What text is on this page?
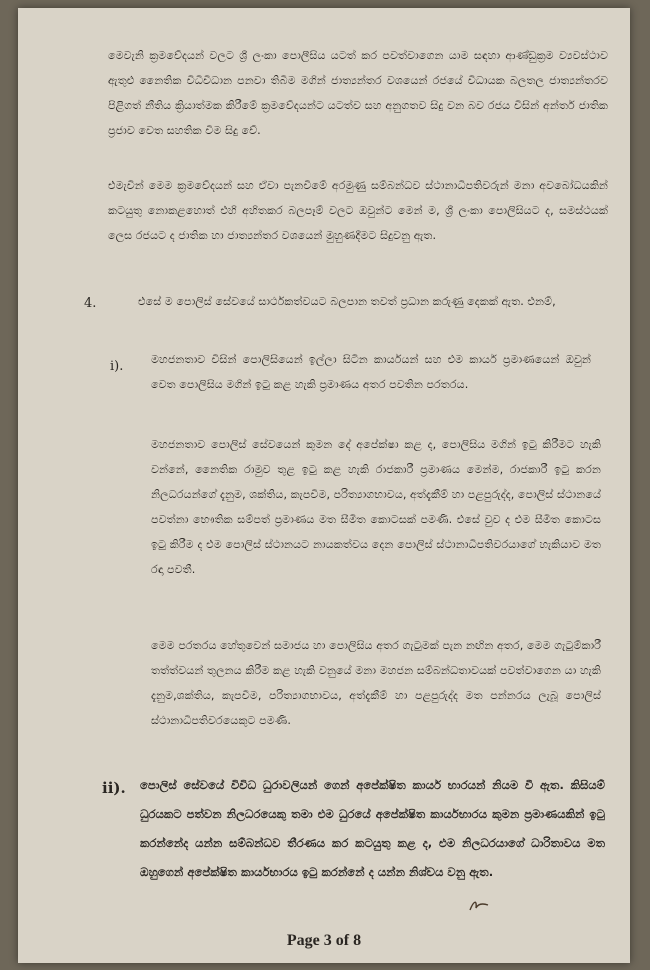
මෙවැනි ක්‍රමවේදයන් වලට ශ්‍රී ලංකා පොලීසිය යටත් කර පවත්වාගෙන යාම සඳහා ආණ්ඩුක්‍රම ව්‍යවස්ථාව ඇතුළු නෛතික විධිවිධාන පනවා තිබීම මගින් ජාත්‍යන්තර වශයෙන් රජයේ විධායක බලතල ජාත්‍යන්තරව පිළිගත් නීතිය ක්‍රියාත්මක කිරීමේ ක්‍රමවේදයන්ට යටත්ව සහ අනුගතව සිදු වන බව රජය විසින් අන්තර් ජාතික ප්‍රජාව වෙත සහතික වීම සිදු වේ.

එමැවින් මෙම ක්‍රමවේදයන් සහ ඒවා පැනවීමේ අරමුණු සම්බන්ධව ස්ථානාධිපතිවරුන් මනා අවබෝධයකින් කටයුතු නොකළහොත් එහි අහිතකර බලපෑම් වලට ඔවුන්ට මෙන් ම, ශ්‍රී ලංකා පොලිසියට ද, සමස්ථයක් ලෙස රජයට ද ජාතික හා ජාත්‍යන්තර වශයෙන් මුහුණදීමට සිදුවනු ඇත.

4.	එසේ ම පොලිස් සේවයේ සාර්ථකත්වයට බලපාන තවත් ප්‍රධාන කරුණු දෙකක් ඇත. එනම්,

i). මහජනතාව විසින් පොලිසියෙන් ඉල්ලා සිටින කාර්යයන් සහ එම කාර්ය ප්‍රමාණයෙන් ඔවුන් වෙත පොලිසිය මගින් ඉටු කළ හැකි ප්‍රමාණය අතර පවතින පරතරය.

මහජනතාව පොලිස් සේවයෙන් කුමන දේ අපේක්ෂා කළ ද, පොලිසිය මගින් ඉටු කිරීමට හැකි වන්නේ, නෛතික රාමුව තුළ ඉටු කළ හැකි රාජකාරී ප්‍රමාණය මෙන්ම, රාජකාරී ඉටු කරන නිලධරයන්ගේ දැනුම, ශක්තිය, කැපවීම, පරිත්‍යාගභාවය, අත්දැකීම් හා පළපුරුද්ද, පොලිස් ස්ථානයේ පවත්නා භෞතික සම්පත් ප්‍රමාණය මත සීමිත කොටසක් පමණි. එසේ වුව ද එම සීමිත කොටස ඉටු කිරීම ද එම පොලිස් ස්ථානයට නායකත්වය දෙන පොලිස් ස්ථානාධිපතිවරයාගේ හැකියාව මත රඳා පවතී.

මෙම පරතරය හේතුවෙන් සමාජය හා පොලිසිය අතර ගැටුමක් පැන නඟින අතර, මෙම ගැටුම්කාරී තත්ත්වයන් තුලනය කිරීම කළ හැකි වනුයේ මනා මහජන සම්බන්ධතාවයක් පවත්වාගෙන යා හැකි දැනුම,ශක්තිය, කැපවීම, පරිත්‍යාගභාවය, අත්දැකීම් හා පළපුරුද්ද මත පන්නරය ලැබූ පොලිස් ස්ථානාධිපතිවරයෙකුට පමණි.

ii). පොලිස් සේවයේ විවිධ ධුරාවලියන් ගෙන් අපේක්ෂිත කාර්ය භාරයන් නියම වී ඇත. කිසියම් ධුරයකට පත්වන නිලධරයෙකු තමා එම ධුරයේ අපේක්ෂිත කාර්යභාරය කුමන ප්‍රමාණයකින් ඉටු කරන්නේද යන්න සම්බන්ධව තීරණය කර කටයුතු කළ ද, එම නිලධරයාගේ ධාරිතාවය මත ඔහුගෙන් අපේක්ෂිත කාර්යභාරය ඉටු කරන්නේ ද යන්න නිශ්චය වනු ඇත.

Page 3 of 8
